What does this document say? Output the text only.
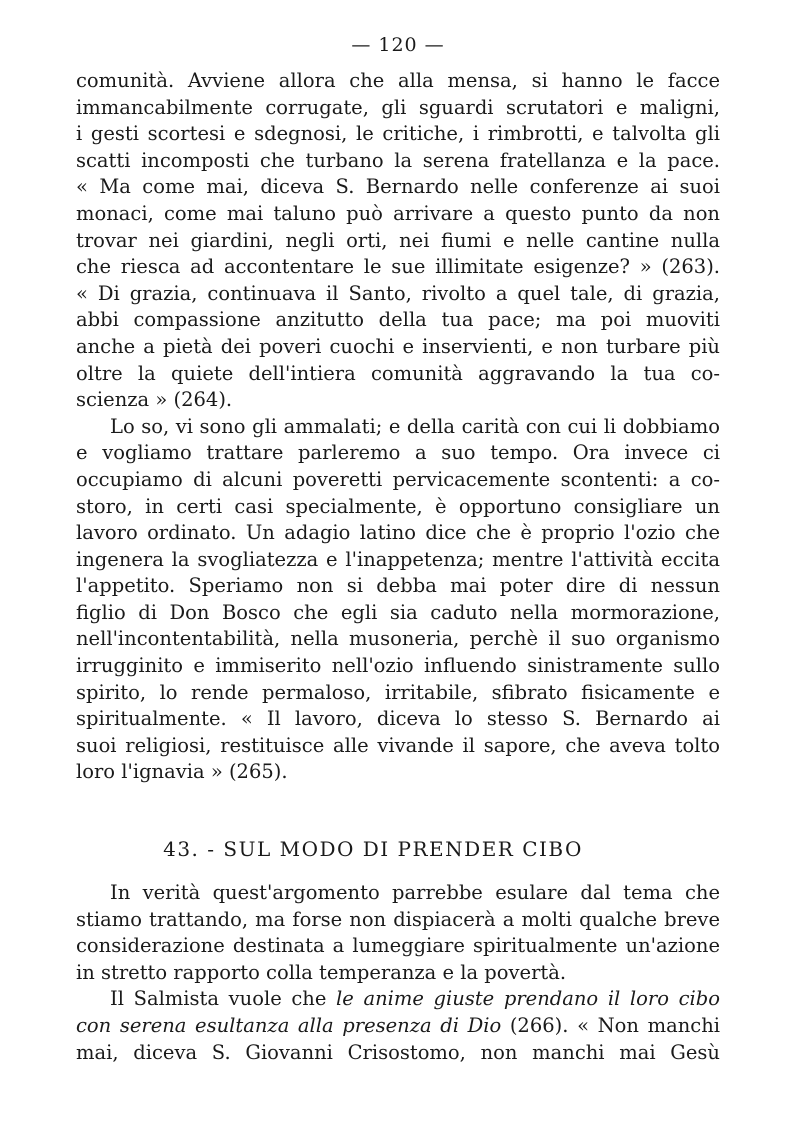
— 120 —
comunità. Avviene allora che alla mensa, si hanno le facce
immancabilmente corrugate, gli sguardi scrutatori e maligni,
i gesti scortesi e sdegnosi, le critiche, i rimbrotti, e talvolta gli
scatti incomposti che turbano la serena fratellanza e la pace.
« Ma come mai, diceva S. Bernardo nelle conferenze ai suoi
monaci, come mai taluno può arrivare a questo punto da non
trovar nei giardini, negli orti, nei fiumi e nelle cantine nulla
che riesca ad accontentare le sue illimitate esigenze? » (263).
« Di grazia, continuava il Santo, rivolto a quel tale, di grazia,
abbi compassione anzitutto della tua pace; ma poi muoviti
anche a pietà dei poveri cuochi e inservienti, e non turbare più
oltre la quiete dell'intiera comunità aggravando la tua co-
scienza » (264).
Lo so, vi sono gli ammalati; e della carità con cui li dobbiamo
e vogliamo trattare parleremo a suo tempo. Ora invece ci
occupiamo di alcuni poveretti pervicacemente scontenti: a co-
storo, in certi casi specialmente, è opportuno consigliare un
lavoro ordinato. Un adagio latino dice che è proprio l'ozio che
ingenera la svogliatezza e l'inappetenza; mentre l'attività eccita
l'appetito. Speriamo non si debba mai poter dire di nessun
figlio di Don Bosco che egli sia caduto nella mormorazione,
nell'incontentabilità, nella musoneria, perchè il suo organismo
irrugginito e immiserito nell'ozio influendo sinistramente sullo
spirito, lo rende permaloso, irritabile, sfibrato fisicamente e
spiritualmente. « Il lavoro, diceva lo stesso S. Bernardo ai
suoi religiosi, restituisce alle vivande il sapore, che aveva tolto
loro l'ignavia » (265).
43. - SUL MODO DI PRENDER CIBO
In verità quest'argomento parrebbe esulare dal tema che
stiamo trattando, ma forse non dispiacerà a molti qualche breve
considerazione destinata a lumeggiare spiritualmente un'azione
in stretto rapporto colla temperanza e la povertà.
Il Salmista vuole che le anime giuste prendano il loro cibo
con serena esultanza alla presenza di Dio (266). « Non manchi
mai, diceva S. Giovanni Crisostomo, non manchi mai Gesù
